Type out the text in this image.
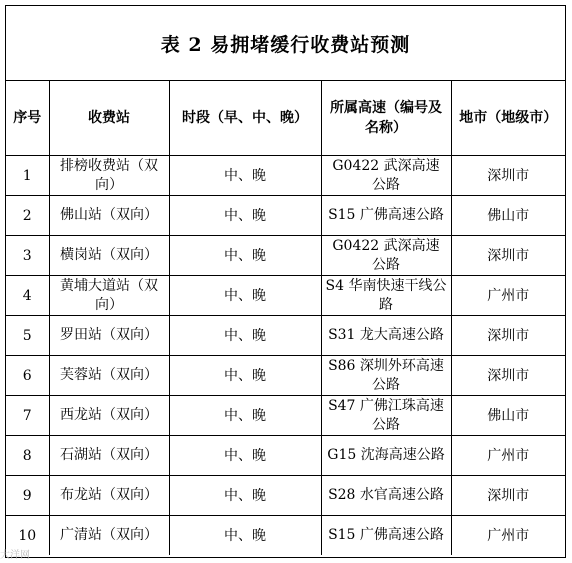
表 2 易拥堵缓行收费站预测
序号	收费站	时段（早、中、晚）	所属高速（编号及名称）	地市（地级市）
1	排榜收费站（双向）	中、晚	G0422 武深高速公路	深圳市
2	佛山站（双向）	中、晚	S15 广佛高速公路	佛山市
3	横岗站（双向）	中、晚	G0422 武深高速公路	深圳市
4	黄埔大道站（双向）	中、晚	S4 华南快速干线公路	广州市
5	罗田站（双向）	中、晚	S31 龙大高速公路	深圳市
6	芙蓉站（双向）	中、晚	S86 深圳外环高速公路	深圳市
7	西龙站（双向）	中、晚	S47 广佛江珠高速公路	佛山市
8	石湖站（双向）	中、晚	G15 沈海高速公路	广州市
9	布龙站（双向）	中、晚	S28 水官高速公路	深圳市
10	广清站（双向）	中、晚	S15 广佛高速公路	广州市
大洋网
